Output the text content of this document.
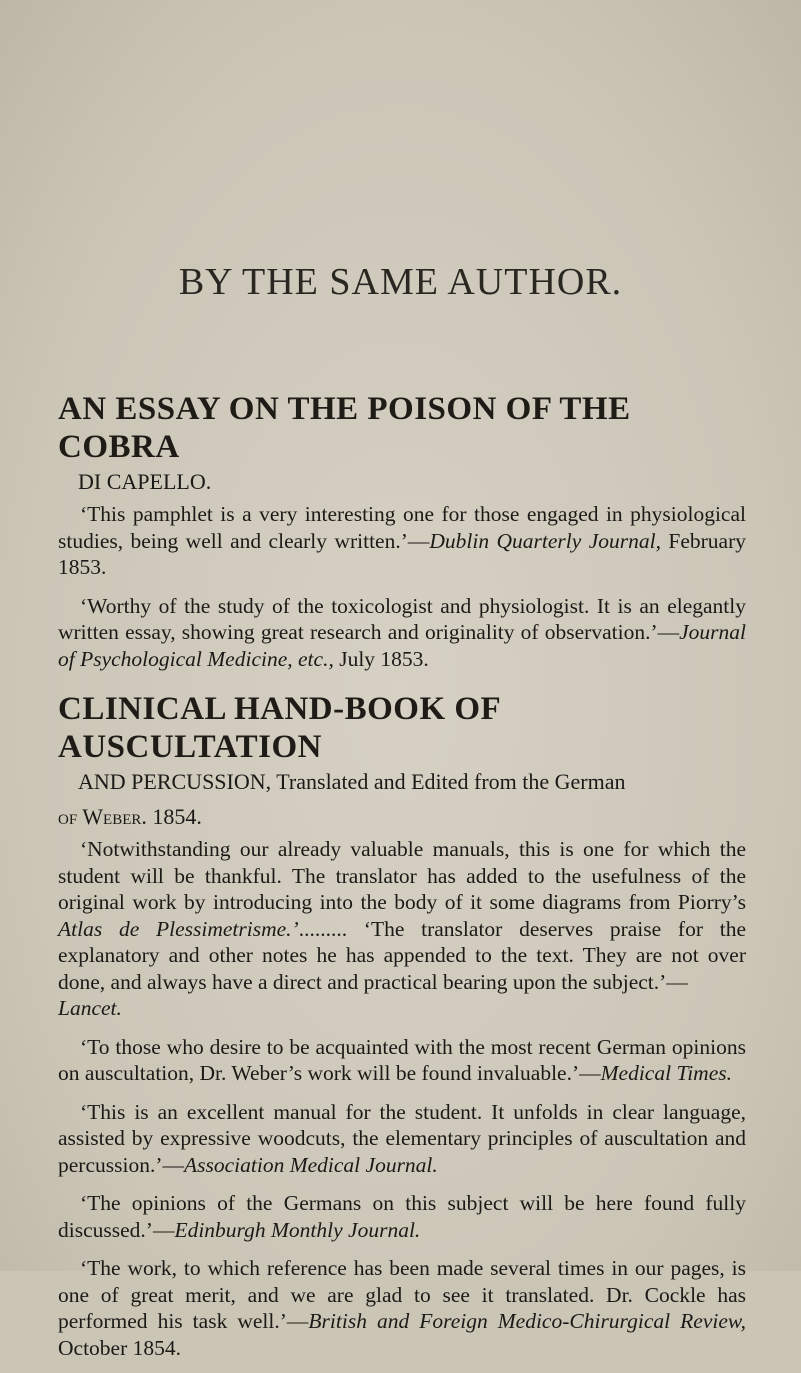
BY THE SAME AUTHOR.
AN ESSAY ON THE POISON OF THE COBRA
DI CAPELLO.

‘This pamphlet is a very interesting one for those engaged in physiological studies, being well and clearly written.’—Dublin Quarterly Journal, February 1853.

‘Worthy of the study of the toxicologist and physiologist. It is an elegantly written essay, showing great research and originality of observation.’—Journal of Psychological Medicine, etc., July 1853.

CLINICAL HAND-BOOK OF AUSCULTATION
AND PERCUSSION, Translated and Edited from the German
of Weber. 1854.

‘Notwithstanding our already valuable manuals, this is one for which the student will be thankful. The translator has added to the usefulness of the original work by introducing into the body of it some diagrams from Piorry’s Atlas de Plessimetrisme.’......... ‘The translator deserves praise for the explanatory and other notes he has appended to the text. They are not over done, and always have a direct and practical bearing upon the subject.’—

Lancet.

‘To those who desire to be acquainted with the most recent German opinions on auscultation, Dr. Weber’s work will be found invaluable.’—Medical Times.

‘This is an excellent manual for the student. It unfolds in clear language, assisted by expressive woodcuts, the elementary principles of auscultation and percussion.’—Association Medical Journal.

‘The opinions of the Germans on this subject will be here found fully discussed.’—Edinburgh Monthly Journal.

‘The work, to which reference has been made several times in our pages, is one of great merit, and we are glad to see it translated. Dr. Cockle has performed his task well.’—British and Foreign Medico-Chirurgical Review, October 1854.
